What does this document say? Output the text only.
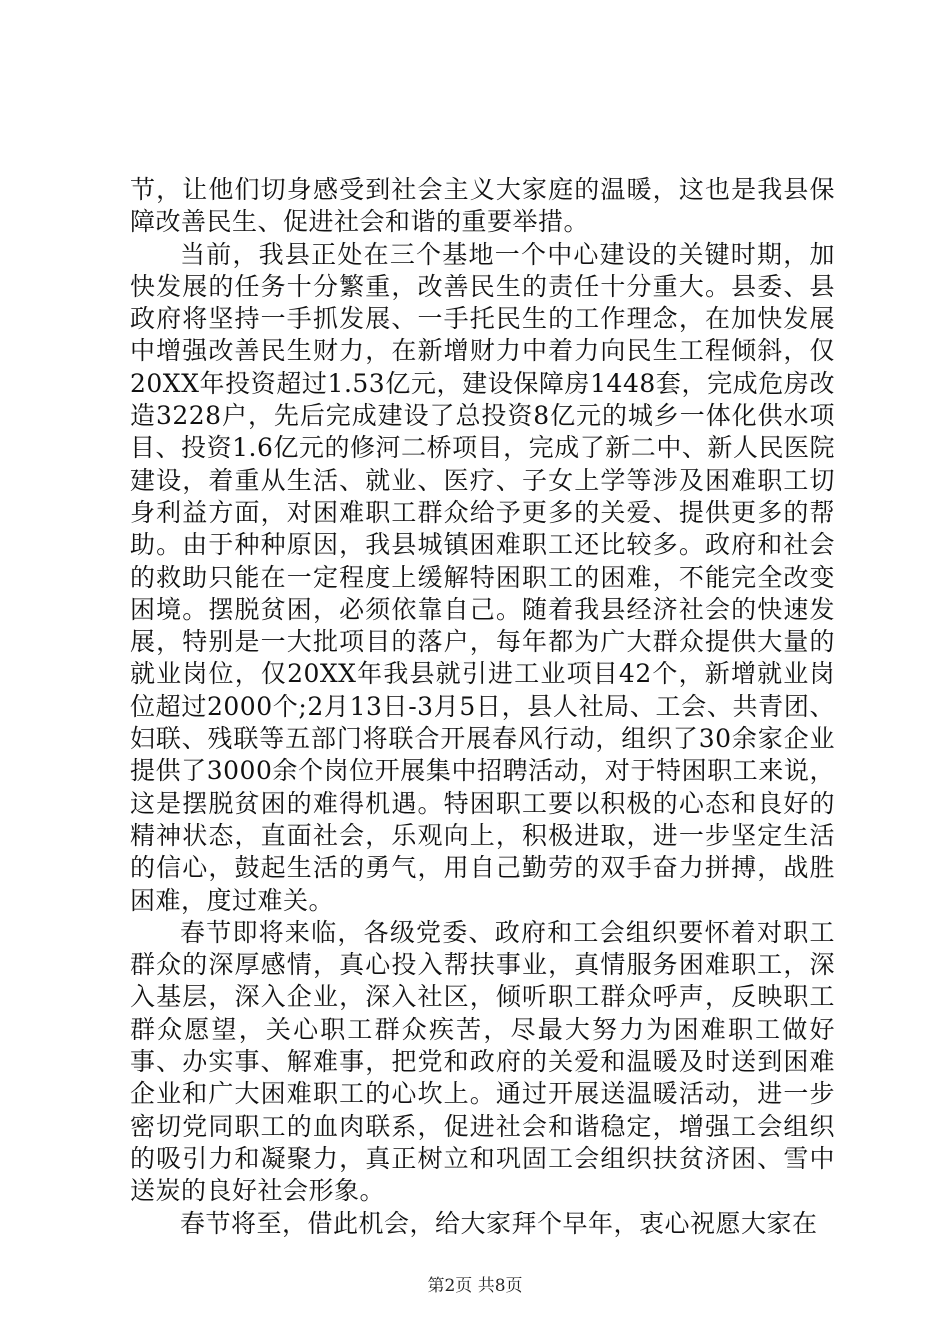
节，让他们切身感受到社会主义大家庭的温暖，这也是我县保障改善民生、促进社会和谐的重要举措。

当前，我县正处在三个基地一个中心建设的关键时期，加快发展的任务十分繁重，改善民生的责任十分重大。县委、县政府将坚持一手抓发展、一手托民生的工作理念，在加快发展中增强改善民生财力，在新增财力中着力向民生工程倾斜，仅20XX年投资超过1.53亿元，建设保障房1448套，完成危房改造3228户，先后完成建设了总投资8亿元的城乡一体化供水项目、投资1.6亿元的修河二桥项目，完成了新二中、新人民医院建设，着重从生活、就业、医疗、子女上学等涉及困难职工切身利益方面，对困难职工群众给予更多的关爱、提供更多的帮助。由于种种原因，我县城镇困难职工还比较多。政府和社会的救助只能在一定程度上缓解特困职工的困难，不能完全改变困境。摆脱贫困，必须依靠自己。随着我县经济社会的快速发展，特别是一大批项目的落户，每年都为广大群众提供大量的就业岗位，仅20XX年我县就引进工业项目42个，新增就业岗位超过2000个;2月13日-3月5日，县人社局、工会、共青团、妇联、残联等五部门将联合开展春风行动，组织了30余家企业提供了3000余个岗位开展集中招聘活动，对于特困职工来说，这是摆脱贫困的难得机遇。特困职工要以积极的心态和良好的精神状态，直面社会，乐观向上，积极进取，进一步坚定生活的信心，鼓起生活的勇气，用自己勤劳的双手奋力拼搏，战胜困难，度过难关。

春节即将来临，各级党委、政府和工会组织要怀着对职工群众的深厚感情，真心投入帮扶事业，真情服务困难职工，深入基层，深入企业，深入社区，倾听职工群众呼声，反映职工群众愿望，关心职工群众疾苦，尽最大努力为困难职工做好事、办实事、解难事，把党和政府的关爱和温暖及时送到困难企业和广大困难职工的心坎上。通过开展送温暖活动，进一步密切党同职工的血肉联系，促进社会和谐稳定，增强工会组织的吸引力和凝聚力，真正树立和巩固工会组织扶贫济困、雪中送炭的良好社会形象。

春节将至，借此机会，给大家拜个早年，衷心祝愿大家在

第2页 共8页
